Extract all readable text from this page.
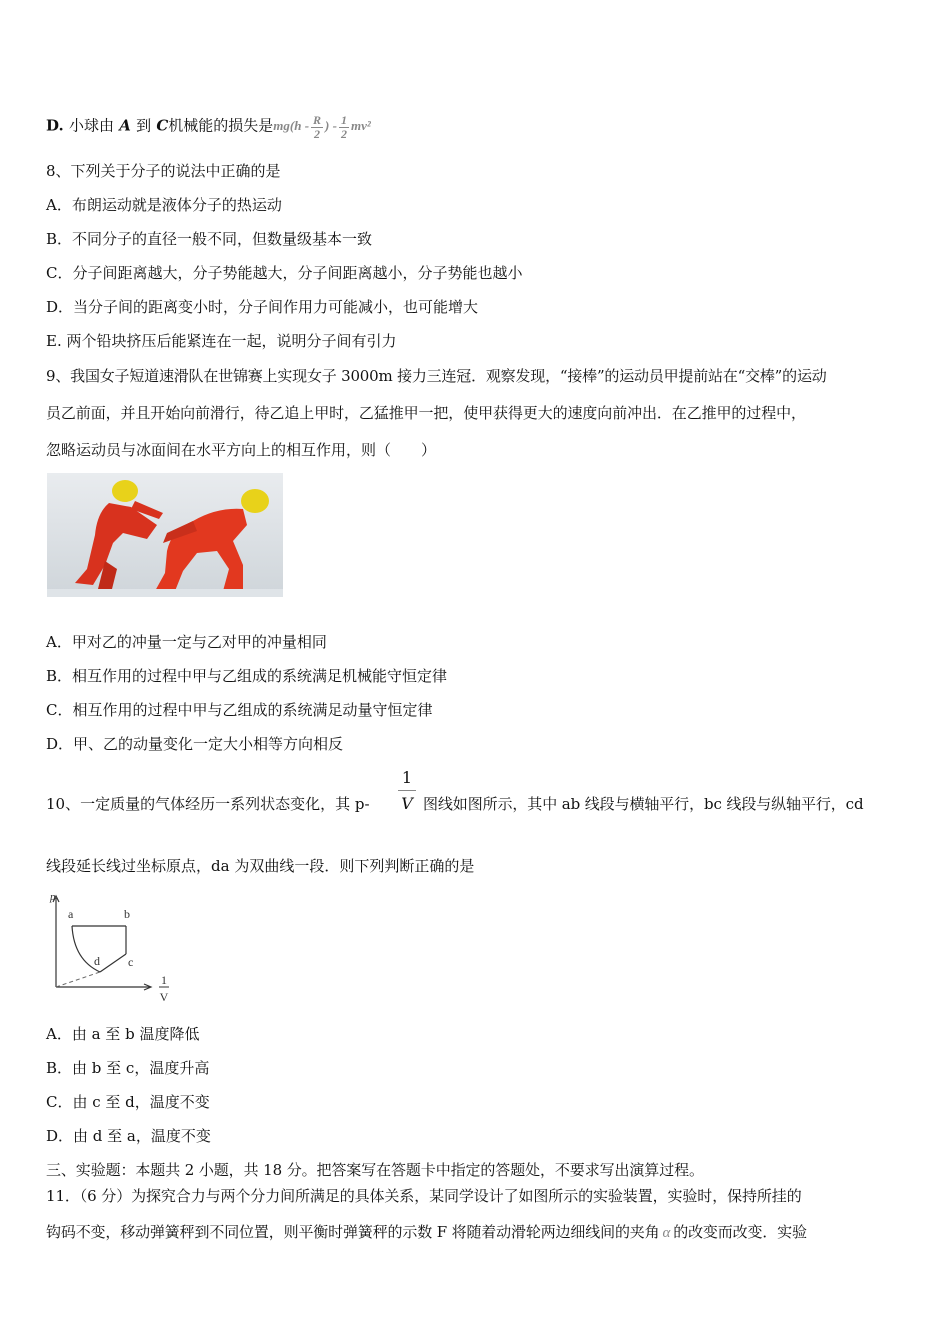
D. 小球由 A 到 C机械能的损失是$mg(h - \frac{R}{2}$ ) - $\frac{1}{2} mv^2$
8、下列关于分子的说法中正确的是
A．布朗运动就是液体分子的热运动
B．不同分子的直径一般不同，但数量级基本一致
C．分子间距离越大，分子势能越大，分子间距离越小，分子势能也越小
D．当分子间的距离变小时，分子间作用力可能减小，也可能增大
E. 两个铅块挤压后能紧连在一起，说明分子间有引力
9、我国女子短道速滑队在世锦赛上实现女子 3000m 接力三连冠．观察发现，“接棒”的运动员甲提前站在“交棒”的运动
员乙前面，并且开始向前滑行，待乙追上甲时，乙猛推甲一把，使甲获得更大的速度向前冲出．在乙推甲的过程中，
忽略运动员与冰面间在水平方向上的相互作用，则（　　）
A．甲对乙的冲量一定与乙对甲的冲量相同
B．相互作用的过程中甲与乙组成的系统满足机械能守恒定律
C．相互作用的过程中甲与乙组成的系统满足动量守恒定律
D．甲、乙的动量变化一定大小相等方向相反
10、一定质量的气体经历一系列状态变化，其 p-
1
V 图线如图所示，其中 ab 线段与横轴平行，bc 线段与纵轴平行，cd
线段延长线过坐标原点，da 为双曲线一段．则下列判断正确的是
p
1
V
a	b
c
d
A．由 a 至 b 温度降低
B．由 b 至 c，温度升高
C．由 c 至 d，温度不变
D．由 d 至 a，温度不变
三、实验题：本题共 2 小题，共 18 分。把答案写在答题卡中指定的答题处，不要求写出演算过程。
11．（6 分）为探究合力与两个分力间所满足的具体关系，某同学设计了如图所示的实验装置，实验时，保持所挂的
钩码不变，移动弹簧秤到不同位置，则平衡时弹簧秤的示数 F 将随着动滑轮两边细线间的夹角 α 的改变而改变．实验
